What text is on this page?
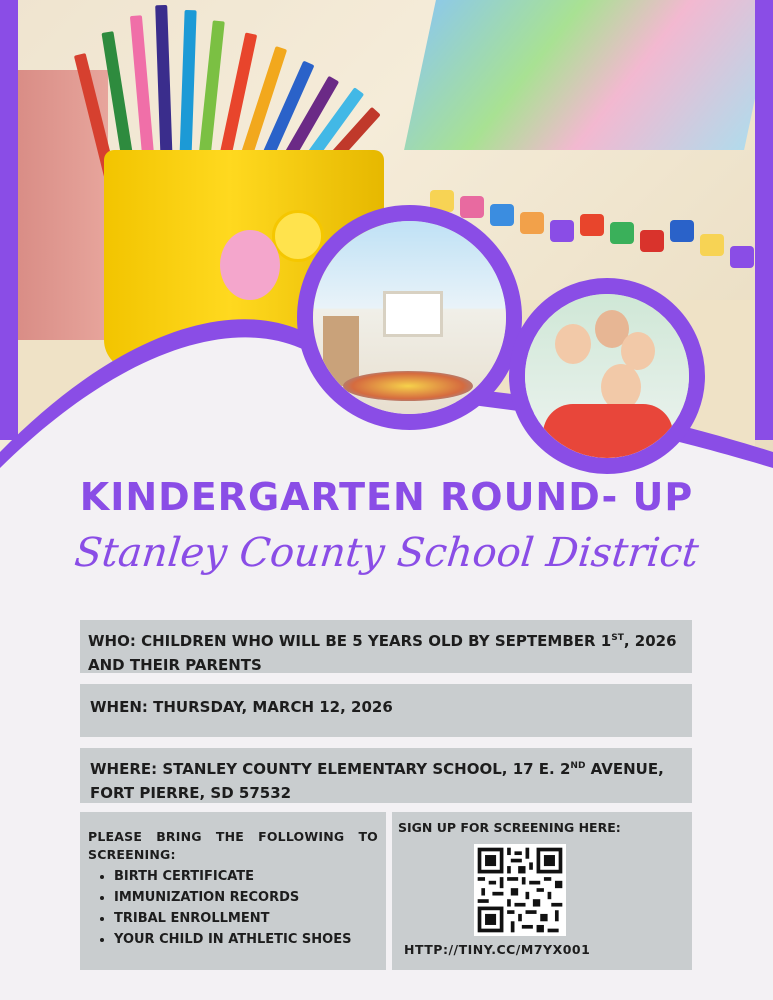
KINDERGARTEN ROUND- UP
Stanley County School District
WHO: CHILDREN WHO WILL BE 5 YEARS OLD BY SEPTEMBER 1ST, 2026 AND THEIR PARENTS
WHEN: THURSDAY, MARCH 12, 2026
WHERE: STANLEY COUNTY ELEMENTARY SCHOOL, 17 E. 2ND AVENUE, FORT PIERRE, SD 57532
PLEASE BRING THE FOLLOWING TO SCREENING:
• BIRTH CERTIFICATE
• IMMUNIZATION RECORDS
• TRIBAL ENROLLMENT
• YOUR CHILD IN ATHLETIC SHOES
SIGN UP FOR SCREENING HERE:
HTTP://TINY.CC/M7YX001
